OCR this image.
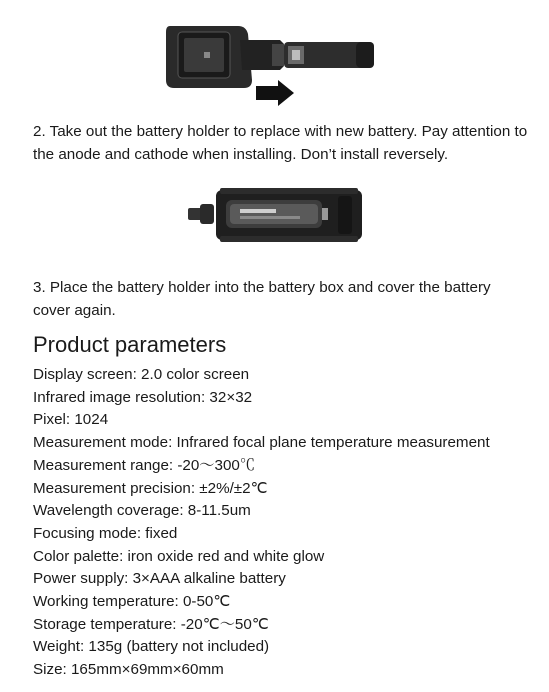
2. Take out the battery holder to replace with new battery. Pay attention to the anode and cathode when installing. Don’t install reversely.

3. Place the battery holder into the battery box and cover the battery cover again.

Product parameters
Display screen: 2.0 color screen
Infrared image resolution: 32×32
Pixel: 1024
Measurement mode: Infrared focal plane temperature measurement
Measurement range: -20～300℃
Measurement precision: ±2%/±2℃
Wavelength coverage: 8-11.5um
Focusing mode: fixed
Color palette: iron oxide red and white glow
Power supply: 3×AAA alkaline battery
Working temperature: 0-50℃
Storage temperature: -20℃～50℃
Weight: 135g (battery not included)
Size: 165mm×69mm×60mm
